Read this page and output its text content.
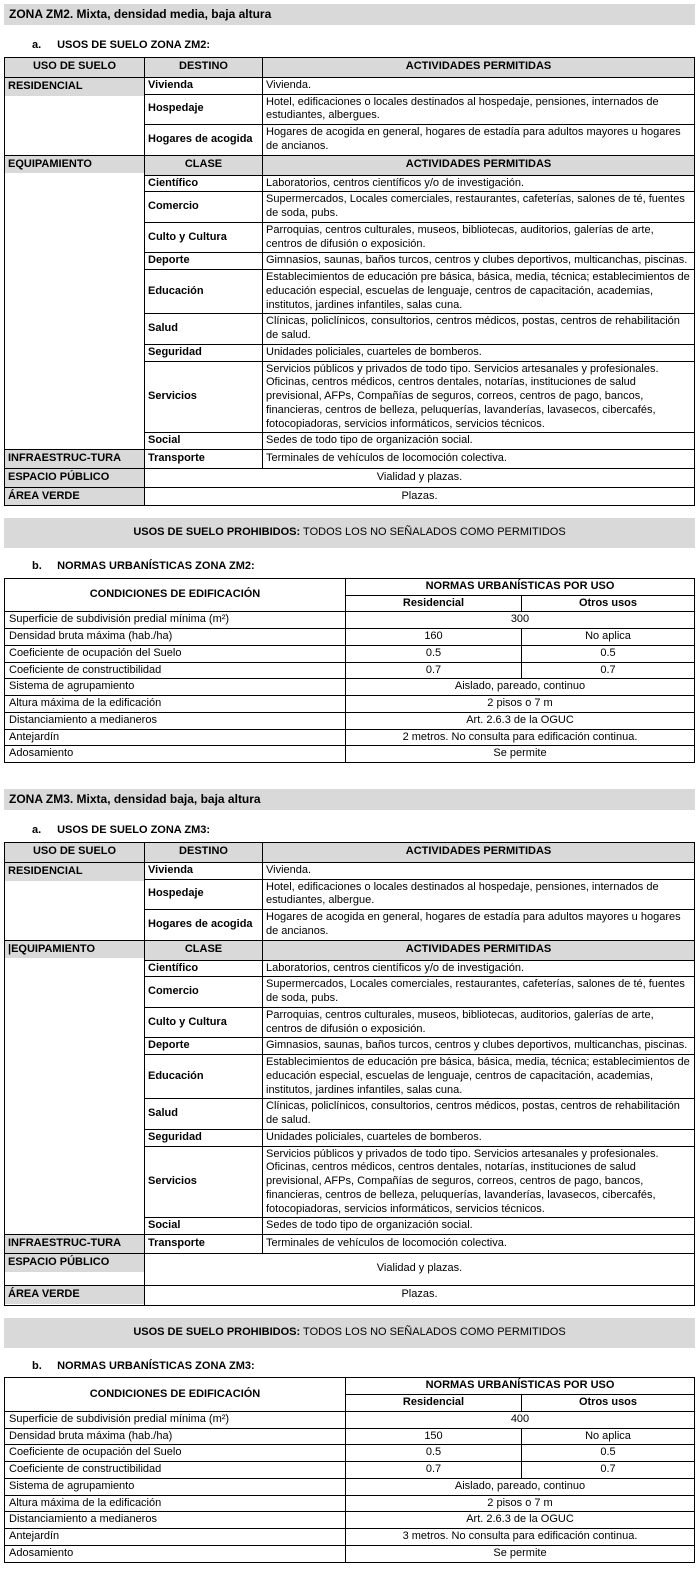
ZONA ZM2. Mixta, densidad media, baja altura
a. USOS DE SUELO ZONA ZM2:
USO DE SUELO	DESTINO	ACTIVIDADES PERMITIDAS

RESIDENCIAL	Vivienda	Vivienda.
	Hospedaje	Hotel, edificaciones o locales destinados al hospedaje, pensiones, internados de estudiantes, albergues.
	Hogares de acogida	Hogares de acogida en general, hogares de estadía para adultos mayores u hogares de ancianos.

EQUIPAMIENTO	CLASE	ACTIVIDADES PERMITIDAS
	Científico	Laboratorios, centros científicos y/o de investigación.
	Comercio	Supermercados, Locales comerciales, restaurantes, cafeterías, salones de té, fuentes de soda, pubs.
	Culto y Cultura	Parroquias, centros culturales, museos, bibliotecas, auditorios, galerías de arte, centros de difusión o exposición.
	Deporte	Gimnasios, saunas, baños turcos, centros y clubes deportivos, multicanchas, piscinas.
	Educación	Establecimientos de educación pre básica, básica, media, técnica; establecimientos de educación especial, escuelas de lenguaje, centros de capacitación, academias, institutos, jardines infantiles, salas cuna.
	Salud	Clínicas, policlínicos, consultorios, centros médicos, postas, centros de rehabilitación de salud.
	Seguridad	Unidades policiales, cuarteles de bomberos.
	Servicios	Servicios públicos y privados de todo tipo. Servicios artesanales y profesionales. Oficinas, centros médicos, centros dentales, notarías, instituciones de salud previsional, AFPs, Compañías de seguros, correos, centros de pago, bancos, financieras, centros de belleza, peluquerías, lavanderías, lavasecos, cibercafés, fotocopiadoras, servicios informáticos, servicios técnicos.
	Social	Sedes de todo tipo de organización social.

INFRAESTRUC-TURA	Transporte	Terminales de vehículos de locomoción colectiva.

ESPACIO PÚBLICO	Vialidad y plazas.	

ÁREA VERDE	Plazas.	
USOS DE SUELO PROHIBIDOS: TODOS LOS NO SEÑALADOS COMO PERMITIDOS
b. NORMAS URBANÍSTICAS ZONA ZM2:
CONDICIONES DE EDIFICACIÓN	NORMAS URBANÍSTICAS POR USO	
	Residencial	Otros usos
Superficie de subdivisión predial mínima (m²)	300	
Densidad bruta máxima (hab./ha)	160	No aplica
Coeficiente de ocupación del Suelo	0.5	0.5
Coeficiente de constructibilidad	0.7	0.7
Sistema de agrupamiento	Aislado, pareado, continuo	
Altura máxima de la edificación	2 pisos o 7 m	
Distanciamiento a medianeros	Art. 2.6.3 de la OGUC	
Antejardín	2 metros. No consulta para edificación continua.	
Adosamiento	Se permite	
ZONA ZM3. Mixta, densidad baja, baja altura
a. USOS DE SUELO ZONA ZM3:
USO DE SUELO	DESTINO	ACTIVIDADES PERMITIDAS

RESIDENCIAL	Vivienda	Vivienda.
	Hospedaje	Hotel, edificaciones o locales destinados al hospedaje, pensiones, internados de estudiantes, albergue.
	Hogares de acogida	Hogares de acogida en general, hogares de estadía para adultos mayores u hogares de ancianos.

|EQUIPAMIENTO	CLASE	ACTIVIDADES PERMITIDAS
	Científico	Laboratorios, centros científicos y/o de investigación.
	Comercio	Supermercados, Locales comerciales, restaurantes, cafeterías, salones de té, fuentes de soda, pubs.
	Culto y Cultura	Parroquias, centros culturales, museos, bibliotecas, auditorios, galerías de arte, centros de difusión o exposición.
	Deporte	Gimnasios, saunas, baños turcos, centros y clubes deportivos, multicanchas, piscinas.
	Educación	Establecimientos de educación pre básica, básica, media, técnica; establecimientos de educación especial, escuelas de lenguaje, centros de capacitación, academias, institutos, jardines infantiles, salas cuna.
	Salud	Clínicas, policlínicos, consultorios, centros médicos, postas, centros de rehabilitación de salud.
	Seguridad	Unidades policiales, cuarteles de bomberos.
	Servicios	Servicios públicos y privados de todo tipo. Servicios artesanales y profesionales. Oficinas, centros médicos, centros dentales, notarías, instituciones de salud previsional, AFPs, Compañías de seguros, correos, centros de pago, bancos, financieras, centros de belleza, peluquerías, lavanderías, lavasecos, cibercafés, fotocopiadoras, servicios informáticos, servicios técnicos.
	Social	Sedes de todo tipo de organización social.

INFRAESTRUC-TURA	Transporte	Terminales de vehículos de locomoción colectiva.

ESPACIO PÚBLICO	Vialidad y plazas.	

ÁREA VERDE	Plazas.	
USOS DE SUELO PROHIBIDOS: TODOS LOS NO SEÑALADOS COMO PERMITIDOS
b. NORMAS URBANÍSTICAS ZONA ZM3:
CONDICIONES DE EDIFICACIÓN	NORMAS URBANÍSTICAS POR USO	
	Residencial	Otros usos
Superficie de subdivisión predial mínima (m²)	400	
Densidad bruta máxima (hab./ha)	150	No aplica
Coeficiente de ocupación del Suelo	0.5	0.5
Coeficiente de constructibilidad	0.7	0.7
Sistema de agrupamiento	Aislado, pareado, continuo	
Altura máxima de la edificación	2 pisos o 7 m	
Distanciamiento a medianeros	Art. 2.6.3 de la OGUC	
Antejardín	3 metros. No consulta para edificación continua.	
Adosamiento	Se permite	
